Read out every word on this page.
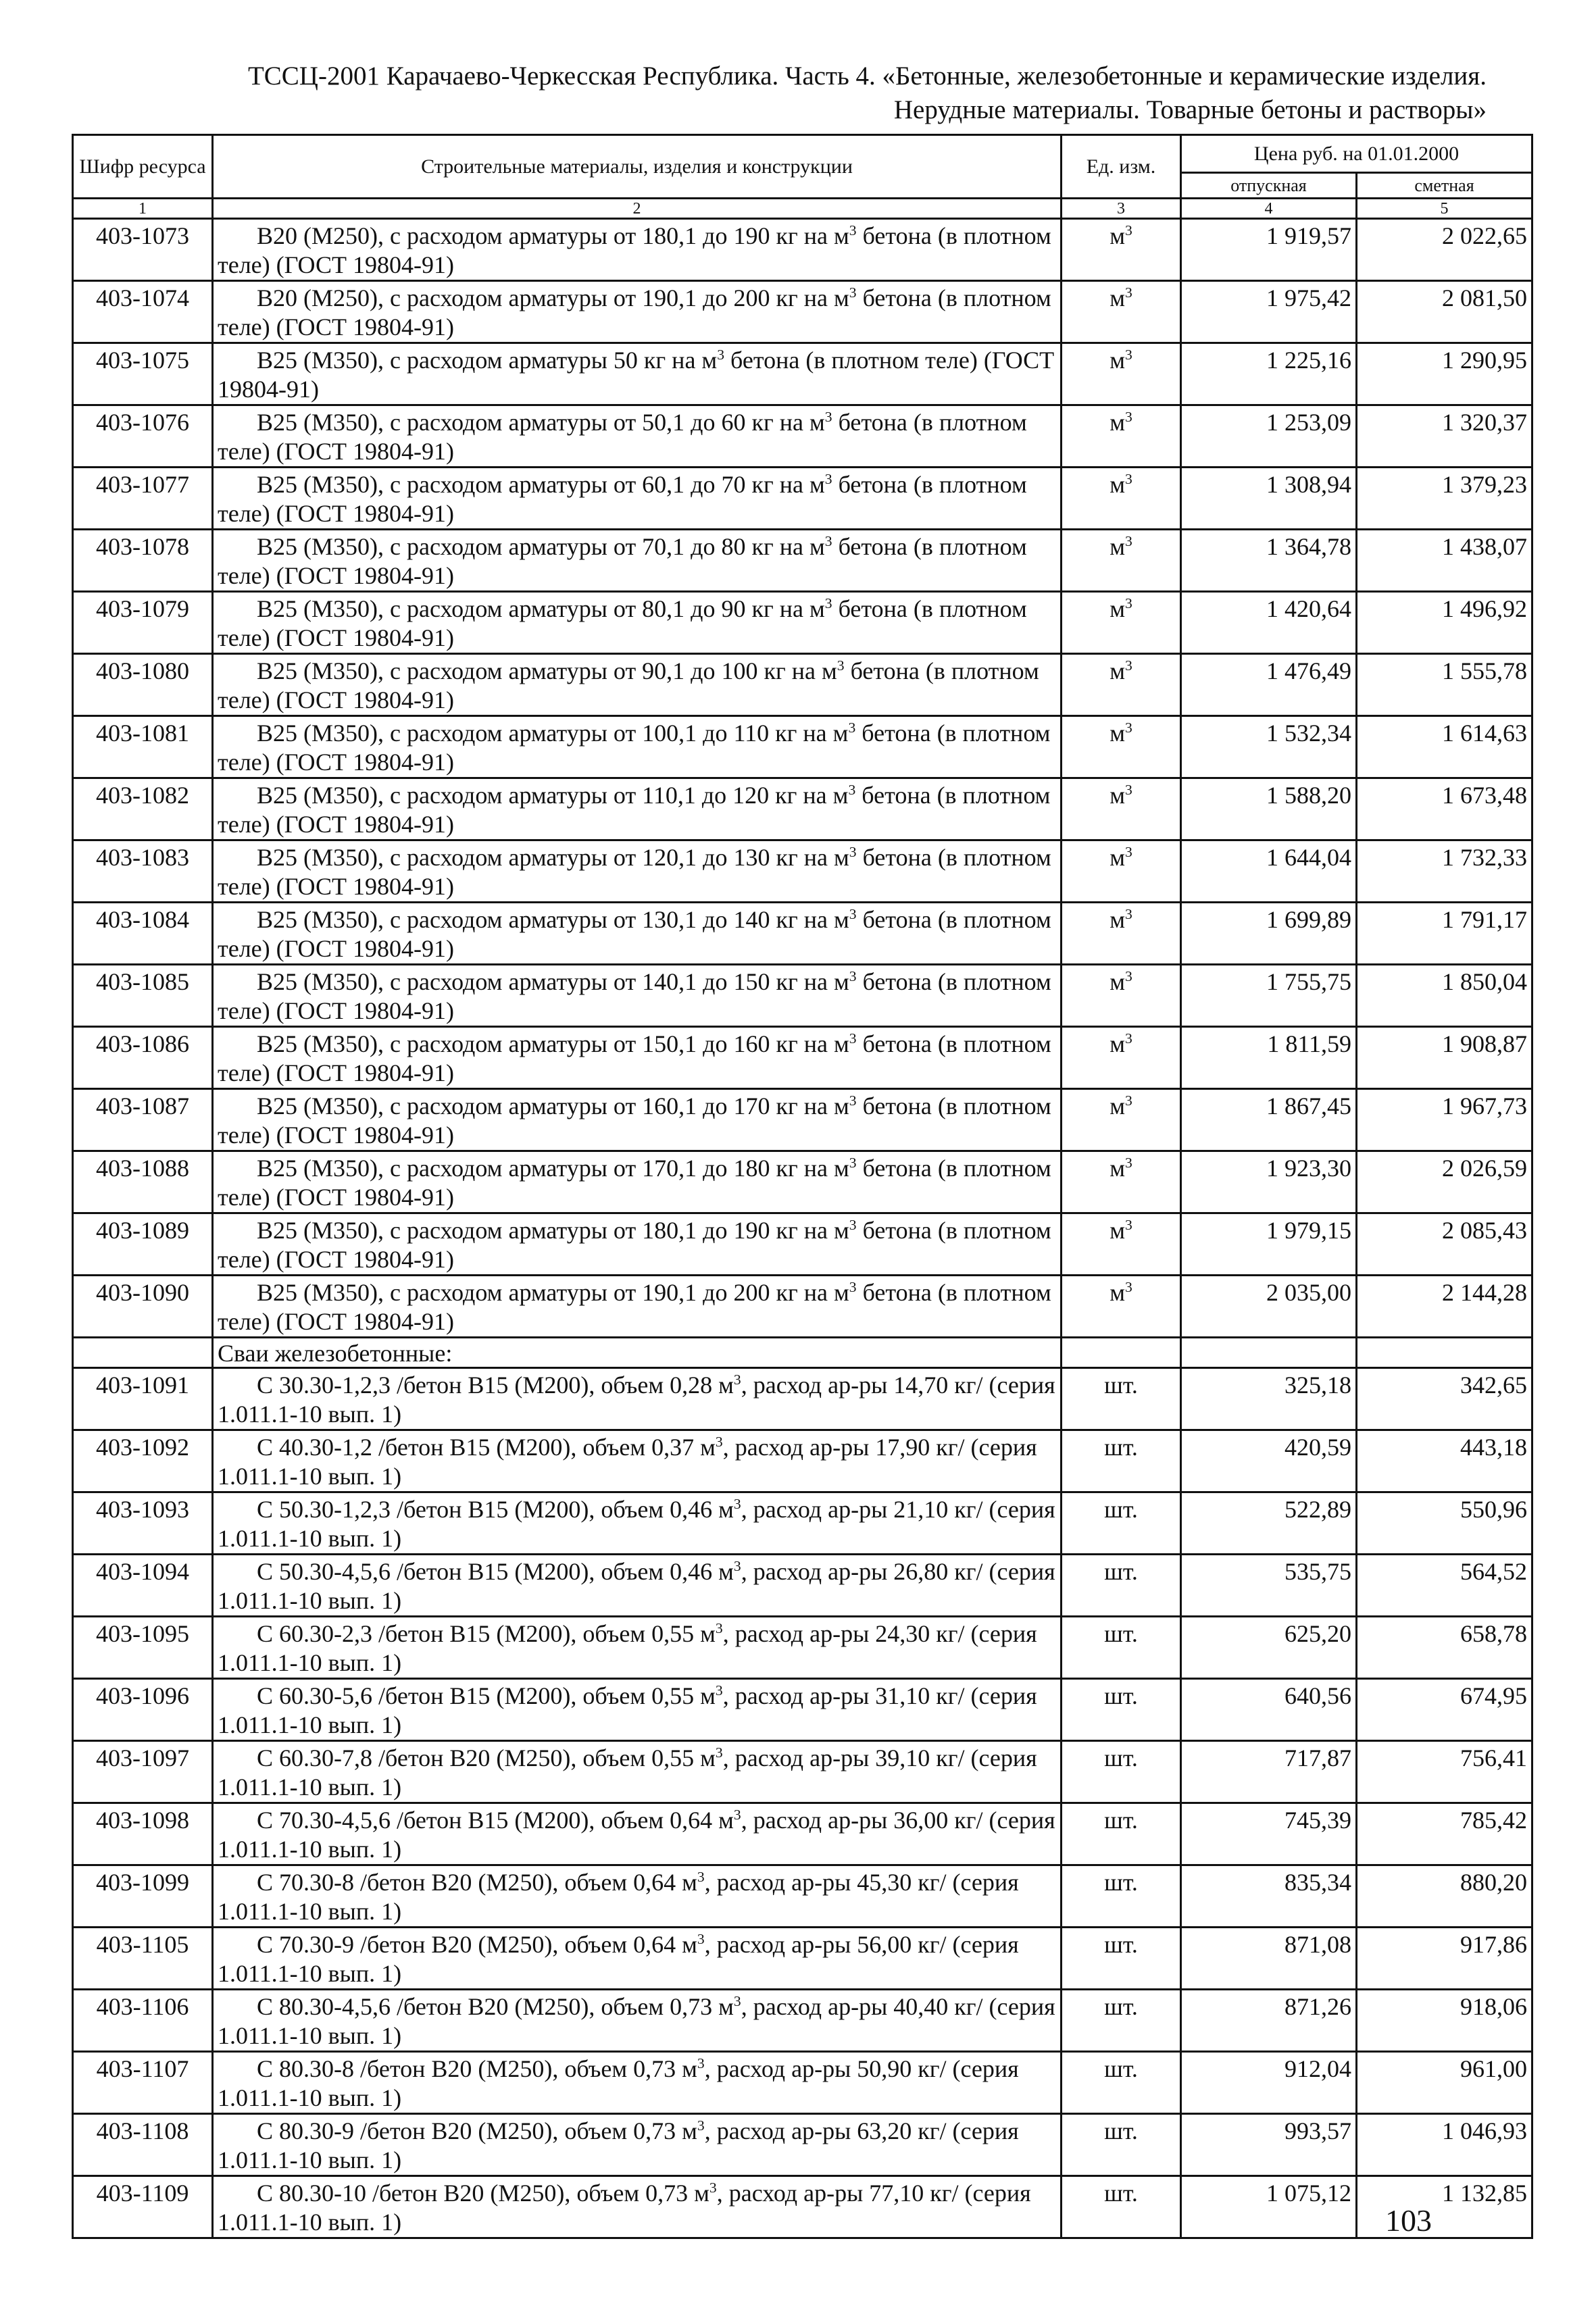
ТССЦ-2001 Карачаево-Черкесская Республика. Часть 4. «Бетонные, железобетонные и керамические изделия.
Нерудные материалы. Товарные бетоны и растворы»
Шифр ресурса	Строительные материалы, изделия и конструкции	Ед. изм.	Цена руб. на 01.01.2000	
			отпускная	сметная
1	2	3	4	5
403-1073	B20 (M250), с расходом арматуры от 180,1 до 190 кг на $м^3$ бетона (в плотном теле) (ГОСТ 19804-91)	$м^3$	1 919,57	2 022,65
403-1074	B20 (M250), с расходом арматуры от 190,1 до 200 кг на $м^3$ бетона (в плотном теле) (ГОСТ 19804-91)	$м^3$	1 975,42	2 081,50
403-1075	B25 (M350), с расходом арматуры 50 кг на $м^3$ бетона (в плотном теле) (ГОСТ 19804-91)	$м^3$	1 225,16	1 290,95
403-1076	B25 (M350), с расходом арматуры от 50,1 до 60 кг на $м^3$ бетона (в плотном теле) (ГОСТ 19804-91)	$м^3$	1 253,09	1 320,37
403-1077	B25 (M350), с расходом арматуры от 60,1 до 70 кг на $м^3$ бетона (в плотном теле) (ГОСТ 19804-91)	$м^3$	1 308,94	1 379,23
403-1078	B25 (M350), с расходом арматуры от 70,1 до 80 кг на $м^3$ бетона (в плотном теле) (ГОСТ 19804-91)	$м^3$	1 364,78	1 438,07
403-1079	B25 (M350), с расходом арматуры от 80,1 до 90 кг на $м^3$ бетона (в плотном теле) (ГОСТ 19804-91)	$м^3$	1 420,64	1 496,92
403-1080	B25 (M350), с расходом арматуры от 90,1 до 100 кг на $м^3$ бетона (в плотном теле) (ГОСТ 19804-91)	$м^3$	1 476,49	1 555,78
403-1081	B25 (M350), с расходом арматуры от 100,1 до 110 кг на $м^3$ бетона (в плотном теле) (ГОСТ 19804-91)	$м^3$	1 532,34	1 614,63
403-1082	B25 (M350), с расходом арматуры от 110,1 до 120 кг на $м^3$ бетона (в плотном теле) (ГОСТ 19804-91)	$м^3$	1 588,20	1 673,48
403-1083	B25 (M350), с расходом арматуры от 120,1 до 130 кг на $м^3$ бетона (в плотном теле) (ГОСТ 19804-91)	$м^3$	1 644,04	1 732,33
403-1084	B25 (M350), с расходом арматуры от 130,1 до 140 кг на $м^3$ бетона (в плотном теле) (ГОСТ 19804-91)	$м^3$	1 699,89	1 791,17
403-1085	B25 (M350), с расходом арматуры от 140,1 до 150 кг на $м^3$ бетона (в плотном теле) (ГОСТ 19804-91)	$м^3$	1 755,75	1 850,04
403-1086	B25 (M350), с расходом арматуры от 150,1 до 160 кг на $м^3$ бетона (в плотном теле) (ГОСТ 19804-91)	$м^3$	1 811,59	1 908,87
403-1087	B25 (M350), с расходом арматуры от 160,1 до 170 кг на $м^3$ бетона (в плотном теле) (ГОСТ 19804-91)	$м^3$	1 867,45	1 967,73
403-1088	B25 (M350), с расходом арматуры от 170,1 до 180 кг на $м^3$ бетона (в плотном теле) (ГОСТ 19804-91)	$м^3$	1 923,30	2 026,59
403-1089	B25 (M350), с расходом арматуры от 180,1 до 190 кг на $м^3$ бетона (в плотном теле) (ГОСТ 19804-91)	$м^3$	1 979,15	2 085,43
403-1090	B25 (M350), с расходом арматуры от 190,1 до 200 кг на $м^3$ бетона (в плотном теле) (ГОСТ 19804-91)	$м^3$	2 035,00	2 144,28
	Сваи железобетонные:			
403-1091	С 30.30-1,2,3 /бетон B15 (M200), объем 0,28 $м^3$, расход ар-ры 14,70 кг/ (серия 1.011.1-10 вып. 1)	шт.	325,18	342,65
403-1092	С 40.30-1,2 /бетон B15 (M200), объем 0,37 $м^3$, расход ар-ры 17,90 кг/ (серия 1.011.1-10 вып. 1)	шт.	420,59	443,18
403-1093	С 50.30-1,2,3 /бетон B15 (M200), объем 0,46 $м^3$, расход ар-ры 21,10 кг/ (серия 1.011.1-10 вып. 1)	шт.	522,89	550,96
403-1094	С 50.30-4,5,6 /бетон B15 (M200), объем 0,46 $м^3$, расход ар-ры 26,80 кг/ (серия 1.011.1-10 вып. 1)	шт.	535,75	564,52
403-1095	С 60.30-2,3 /бетон B15 (M200), объем 0,55 $м^3$, расход ар-ры 24,30 кг/ (серия 1.011.1-10 вып. 1)	шт.	625,20	658,78
403-1096	С 60.30-5,6 /бетон B15 (M200), объем 0,55 $м^3$, расход ар-ры 31,10 кг/ (серия 1.011.1-10 вып. 1)	шт.	640,56	674,95
403-1097	С 60.30-7,8 /бетон B20 (M250), объем 0,55 $м^3$, расход ар-ры 39,10 кг/ (серия 1.011.1-10 вып. 1)	шт.	717,87	756,41
403-1098	С 70.30-4,5,6 /бетон B15 (M200), объем 0,64 $м^3$, расход ар-ры 36,00 кг/ (серия 1.011.1-10 вып. 1)	шт.	745,39	785,42
403-1099	С 70.30-8 /бетон B20 (M250), объем 0,64 $м^3$, расход ар-ры 45,30 кг/ (серия 1.011.1-10 вып. 1)	шт.	835,34	880,20
403-1105	С 70.30-9 /бетон B20 (M250), объем 0,64 $м^3$, расход ар-ры 56,00 кг/ (серия 1.011.1-10 вып. 1)	шт.	871,08	917,86
403-1106	С 80.30-4,5,6 /бетон B20 (M250), объем 0,73 $м^3$, расход ар-ры 40,40 кг/ (серия 1.011.1-10 вып. 1)	шт.	871,26	918,06
403-1107	С 80.30-8 /бетон B20 (M250), объем 0,73 $м^3$, расход ар-ры 50,90 кг/ (серия 1.011.1-10 вып. 1)	шт.	912,04	961,00
403-1108	С 80.30-9 /бетон B20 (M250), объем 0,73 $м^3$, расход ар-ры 63,20 кг/ (серия 1.011.1-10 вып. 1)	шт.	993,57	1 046,93
403-1109	С 80.30-10 /бетон B20 (M250), объем 0,73 $м^3$, расход ар-ры 77,10 кг/ (серия 1.011.1-10 вып. 1)	шт.	1 075,12	1 132,85
103
